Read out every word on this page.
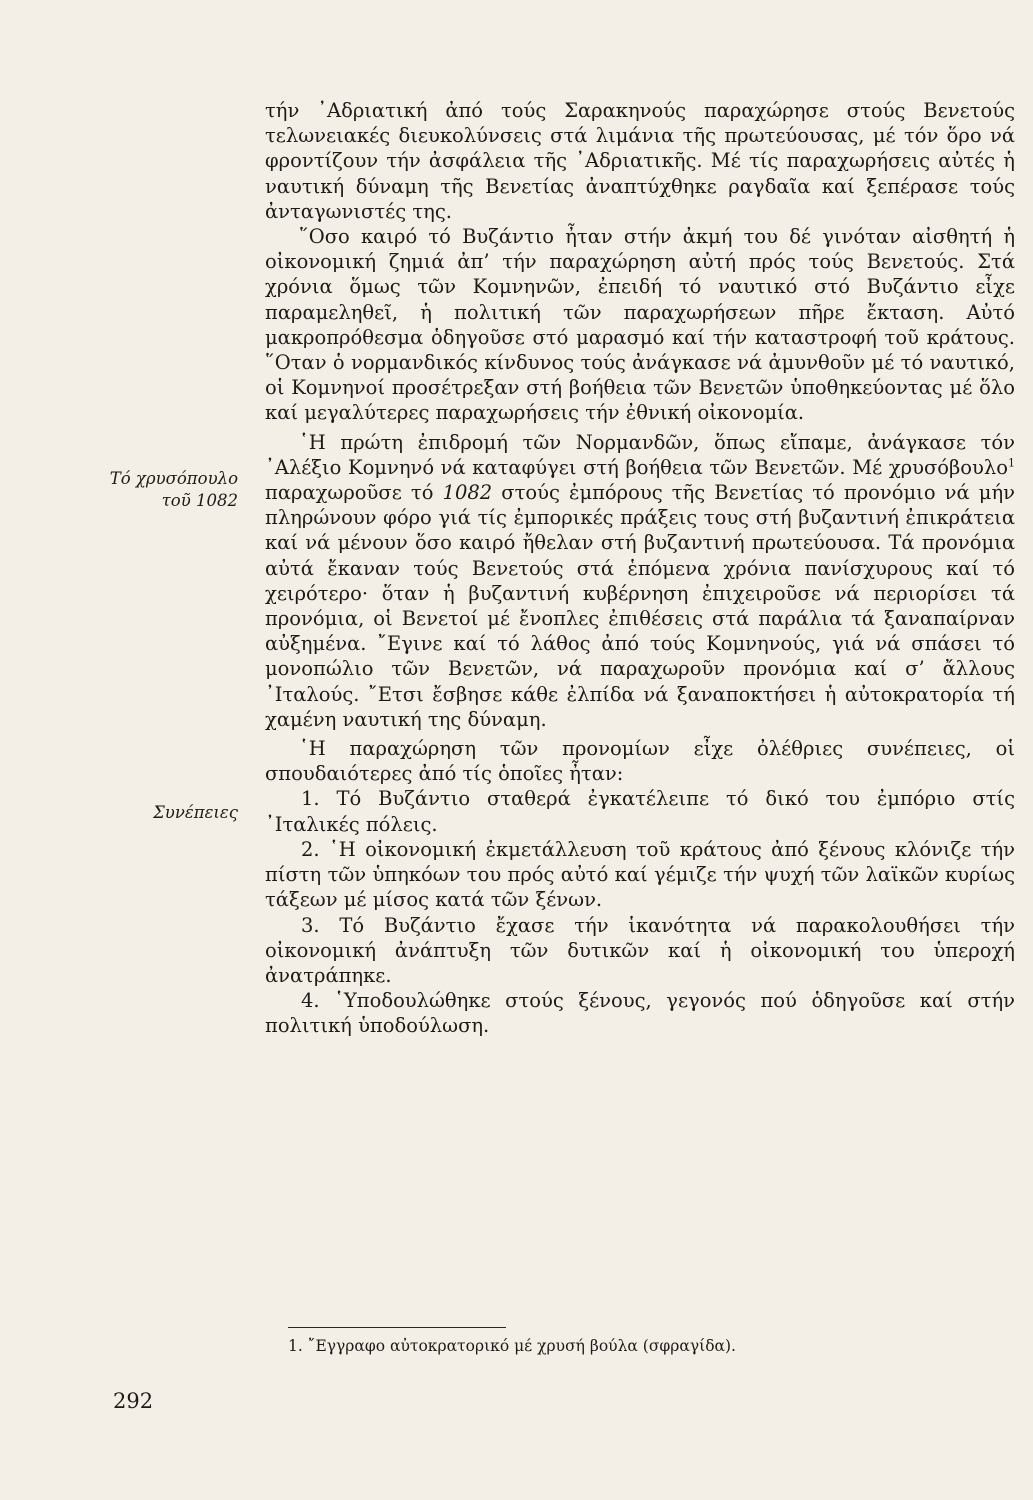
τήν ᾿Αδριατική ἀπό τούς Σαρακηνούς παραχώρησε στούς Βενετούς τελωνειακές διευκολύνσεις στά λιμάνια τῆς πρωτεύουσας, μέ τόν ὅρο νά φροντίζουν τήν ἀσφάλεια τῆς ᾿Αδριατικῆς. Μέ τίς παραχωρήσεις αὐτές ἡ ναυτική δύναμη τῆς Βενετίας ἀναπτύχθηκε ραγδαῖα καί ξεπέρασε τούς ἀνταγωνιστές της.

῞Οσο καιρό τό Βυζάντιο ἦταν στήν ἀκμή του δέ γινόταν αἰσθητή ἡ οἰκονομική ζημιά ἀπ’ τήν παραχώρηση αὐτή πρός τούς Βενετούς. Στά χρόνια ὅμως τῶν Κομνηνῶν, ἐπειδή τό ναυτικό στό Βυζάντιο εἶχε παραμεληθεῖ, ἡ πολιτική τῶν παραχωρήσεων πῆρε ἔκταση. Αὐτό μακροπρόθεσμα ὁδηγοῦσε στό μαρασμό καί τήν καταστροφή τοῦ κράτους. ῞Οταν ὁ νορμανδικός κίνδυνος τούς ἀνάγκασε νά ἀμυνθοῦν μέ τό ναυτικό, οἱ Κομνηνοί προσέτρεξαν στή βοήθεια τῶν Βενετῶν ὑποθηκεύοντας μέ ὅλο καί μεγαλύτερες παραχωρήσεις τήν ἐθνική οἰκονομία.

῾Η πρώτη ἐπιδρομή τῶν Νορμανδῶν, ὅπως εἴπαμε, ἀνάγκασε τόν ᾿Αλέξιο Κομνηνό νά καταφύγει στή βοήθεια τῶν Βενετῶν. Μέ χρυσόβουλο$^1$ παραχωροῦσε τό 1082 στούς ἐμπόρους τῆς Βενετίας τό προνόμιο νά μήν πληρώνουν φόρο γιά τίς ἐμπορικές πράξεις τους στή βυζαντινή ἐπικράτεια καί νά μένουν ὅσο καιρό ἤθελαν στή βυζαντινή πρωτεύουσα. Τά προνόμια αὐτά ἔκαναν τούς Βενετούς στά ἑπόμενα χρόνια πανίσχυρους καί τό χειρότερο· ὅταν ἡ βυζαντινή κυβέρνηση ἐπιχειροῦσε νά περιορίσει τά προνόμια, οἱ Βενετοί μέ ἔνοπλες ἐπιθέσεις στά παράλια τά ξαναπαίρναν αὐξημένα. ῎Εγινε καί τό λάθος ἀπό τούς Κομνηνούς, γιά νά σπάσει τό μονοπώλιο τῶν Βενετῶν, νά παραχωροῦν προνόμια καί σ’ ἄλλους ᾿Ιταλούς. ῎Ετσι ἔσβησε κάθε ἐλπίδα νά ξαναποκτήσει ἡ αὐτοκρατορία τή χαμένη ναυτική της δύναμη.

῾Η παραχώρηση τῶν προνομίων εἶχε ὀλέθριες συνέπειες, οἱ σπουδαιότερες ἀπό τίς ὁποῖες ἦταν:

1. Τό Βυζάντιο σταθερά ἐγκατέλειπε τό δικό του ἐμπόριο στίς ᾿Ιταλικές πόλεις.

2. ῾Η οἰκονομική ἐκμετάλλευση τοῦ κράτους ἀπό ξένους κλόνιζε τήν πίστη τῶν ὑπηκόων του πρός αὐτό καί γέμιζε τήν ψυχή τῶν λαϊκῶν κυρίως τάξεων μέ μίσος κατά τῶν ξένων.

3. Τό Βυζάντιο ἔχασε τήν ἱκανότητα νά παρακολουθήσει τήν οἰκονομική ἀνάπτυξη τῶν δυτικῶν καί ἡ οἰκονομική του ὑπεροχή ἀνατράπηκε.

4. ῾Υποδουλώθηκε στούς ξένους, γεγονός πού ὁδηγοῦσε καί στήν πολιτική ὑποδούλωση.

Τό χρυσόπουλο
τοῦ 1082
Συνέπειες
1. ῎Εγγραφο αὐτοκρατορικό μέ χρυσή βούλα (σφραγίδα).
292
